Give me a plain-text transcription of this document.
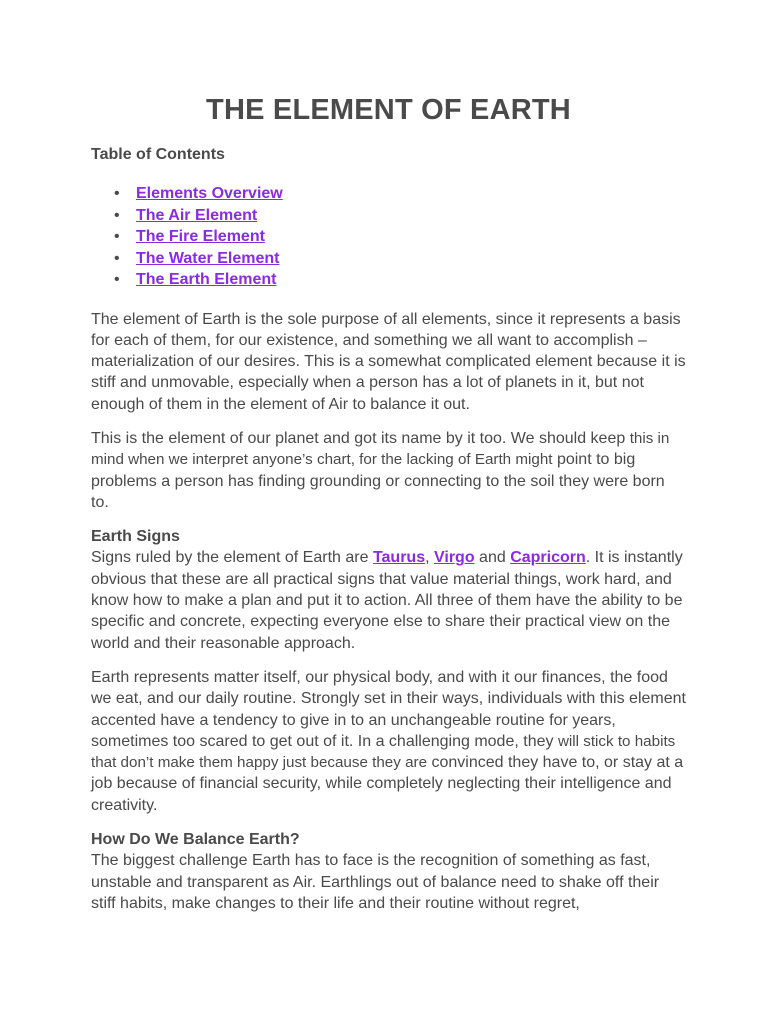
THE ELEMENT OF EARTH
Table of Contents
• Elements Overview
• The Air Element
• The Fire Element
• The Water Element
• The Earth Element

The element of Earth is the sole purpose of all elements, since it represents a basis for each of them, for our existence, and something we all want to accomplish – materialization of our desires. This is a somewhat complicated element because it is stiff and unmovable, especially when a person has a lot of planets in it, but not enough of them in the element of Air to balance it out.

This is the element of our planet and got its name by it too. We should keep this in mind when we interpret anyone’s chart, for the lacking of Earth might point to big problems a person has finding grounding or connecting to the soil they were born to.

Earth Signs

Signs ruled by the element of Earth are Taurus, Virgo and Capricorn. It is instantly obvious that these are all practical signs that value material things, work hard, and know how to make a plan and put it to action. All three of them have the ability to be specific and concrete, expecting everyone else to share their practical view on the world and their reasonable approach.

Earth represents matter itself, our physical body, and with it our finances, the food we eat, and our daily routine. Strongly set in their ways, individuals with this element accented have a tendency to give in to an unchangeable routine for years, sometimes too scared to get out of it. In a challenging mode, they will stick to habits that don’t make them happy just because they are convinced they have to, or stay at a job because of financial security, while completely neglecting their intelligence and creativity.

How Do We Balance Earth?

The biggest challenge Earth has to face is the recognition of something as fast, unstable and transparent as Air. Earthlings out of balance need to shake off their stiff habits, make changes to their life and their routine without regret,
